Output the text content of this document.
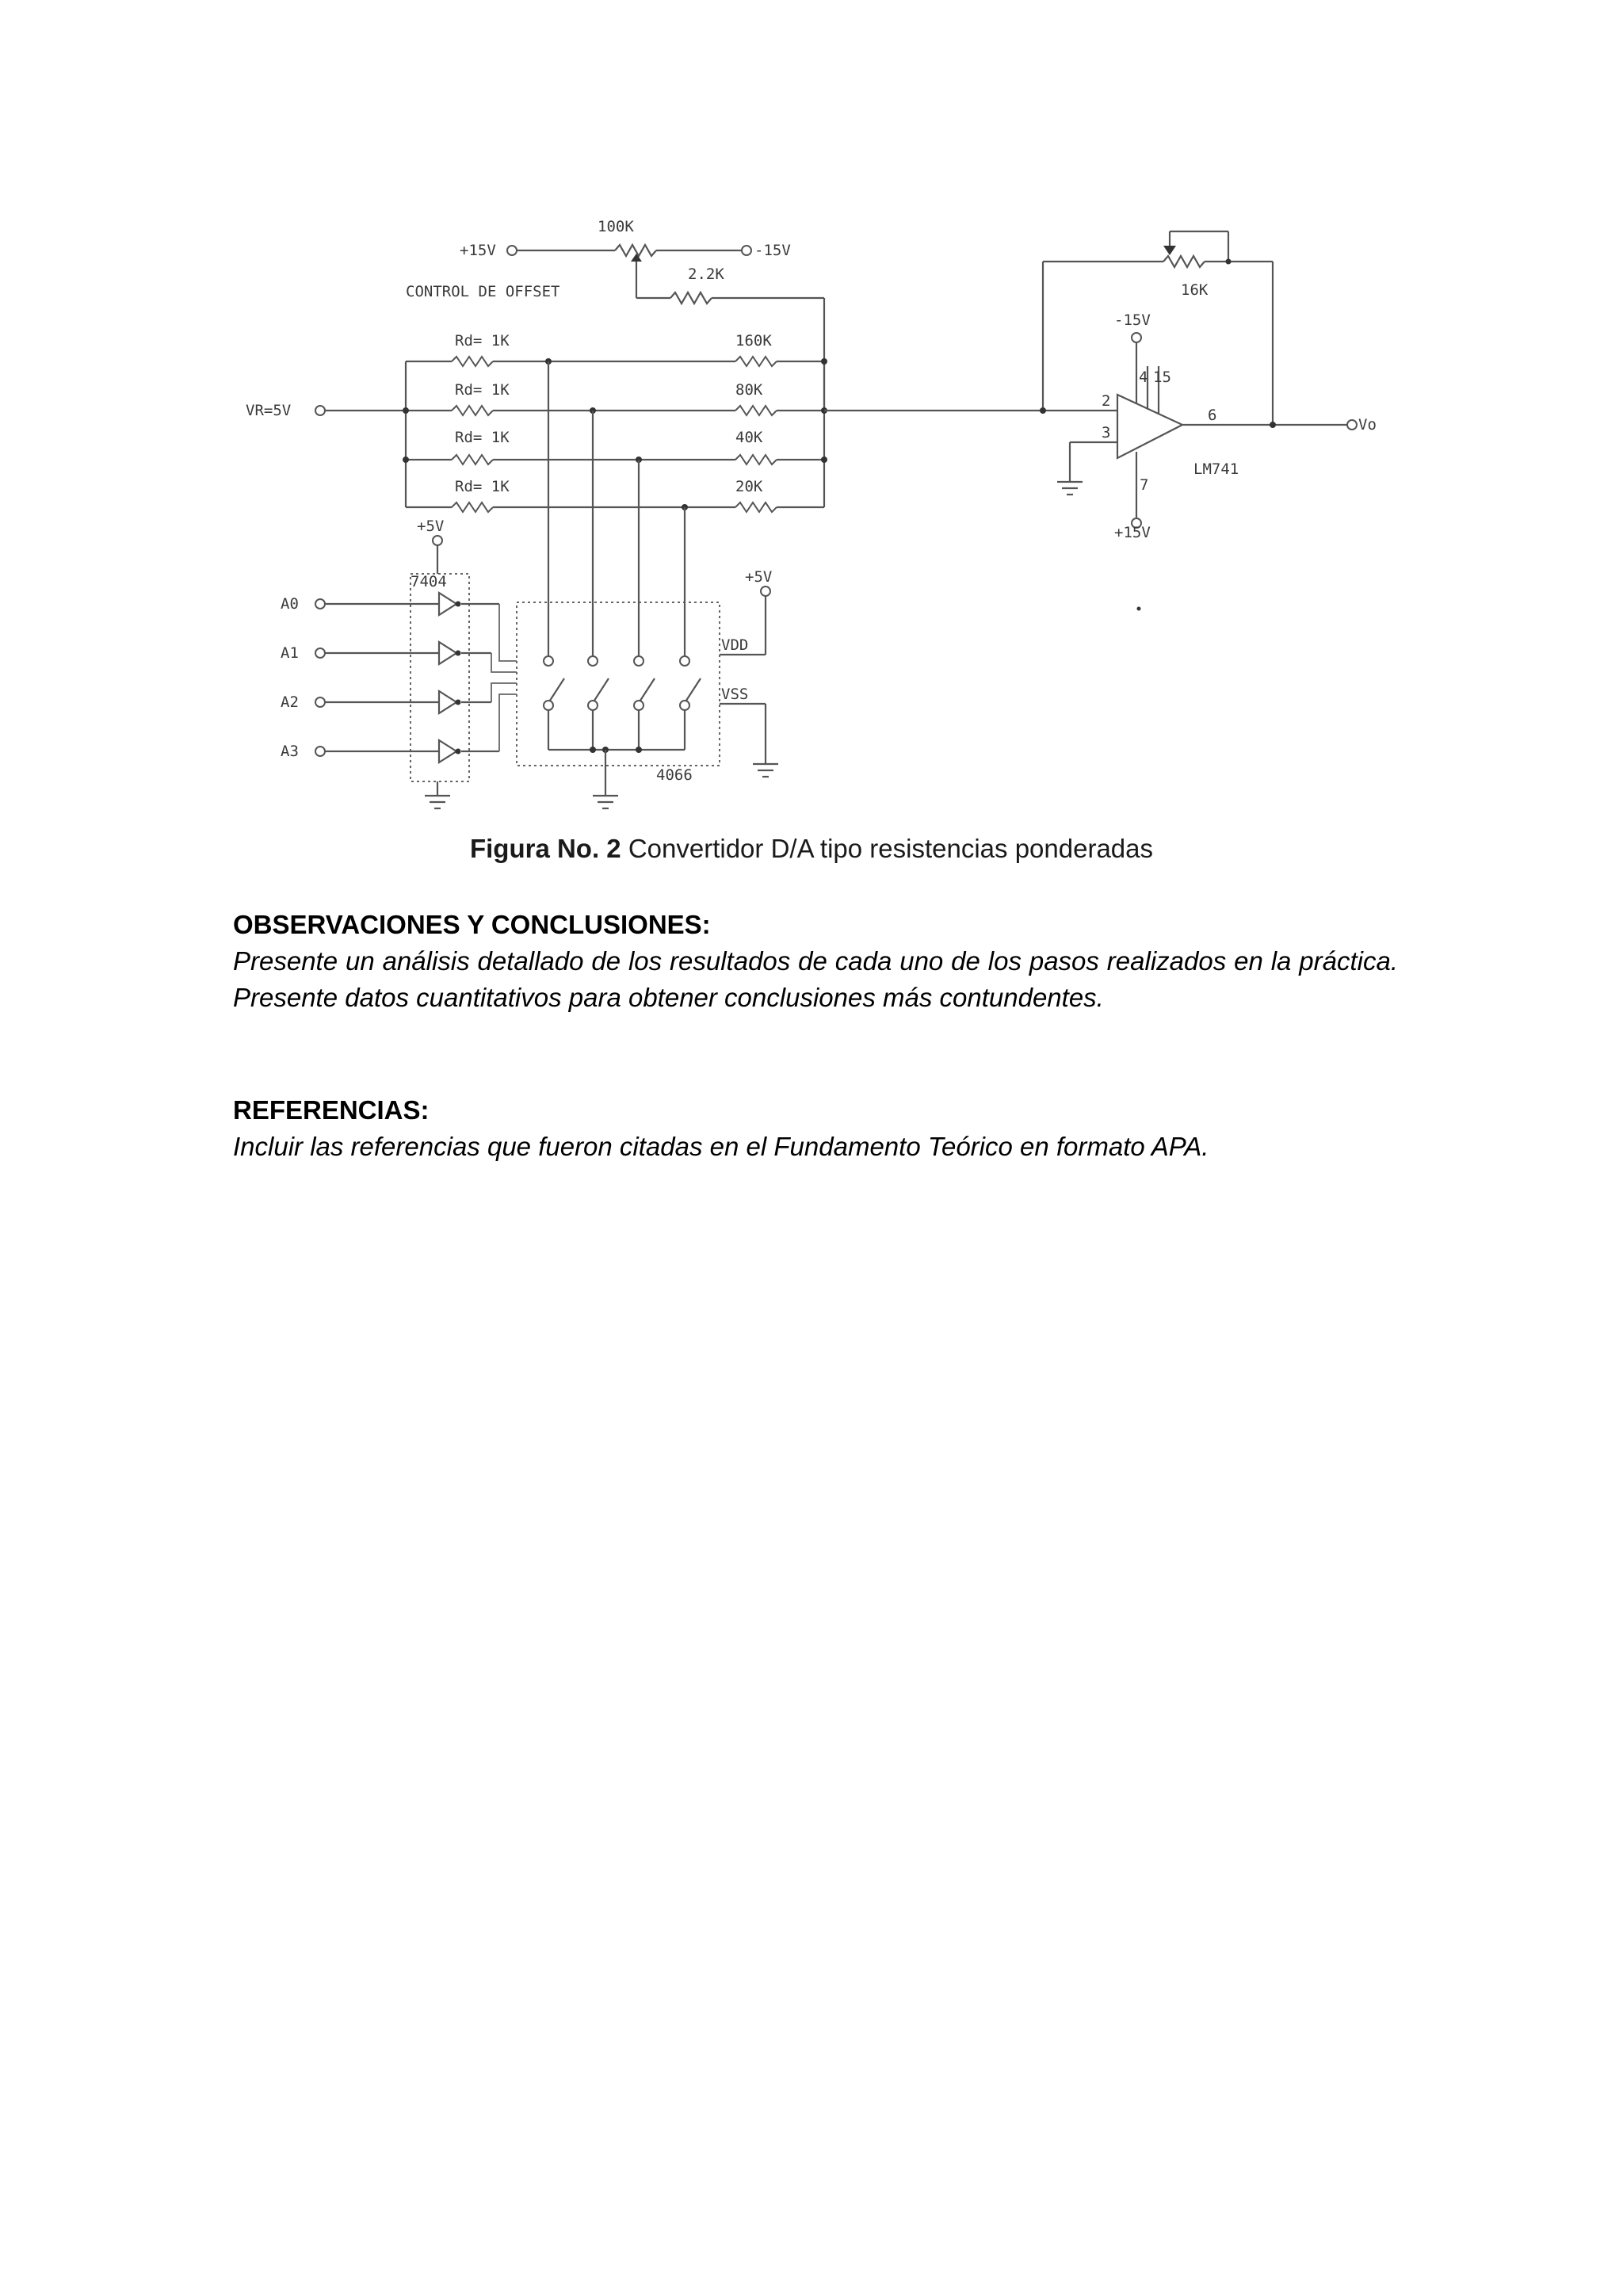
100K
+15V	-15V
CONTROL DE OFFSET
2.2K
VR=5V
Rd= 1K
Rd= 1K
Rd= 1K
Rd= 1K
160K
80K
40K
20K
16K
-15V
+15V
2
3
4 15
6
7
LM741
Vo
+5V
7404
A0
A1
A2
A3
+5V
VDD
VSS
4066
Figura No. 2 Convertidor D/A tipo resistencias ponderadas
OBSERVACIONES Y CONCLUSIONES:
Presente un análisis detallado de los resultados de cada uno de los pasos realizados en la práctica. Presente datos cuantitativos para obtener conclusiones más contundentes.
REFERENCIAS:
Incluir las referencias que fueron citadas en el Fundamento Teórico en formato APA.
